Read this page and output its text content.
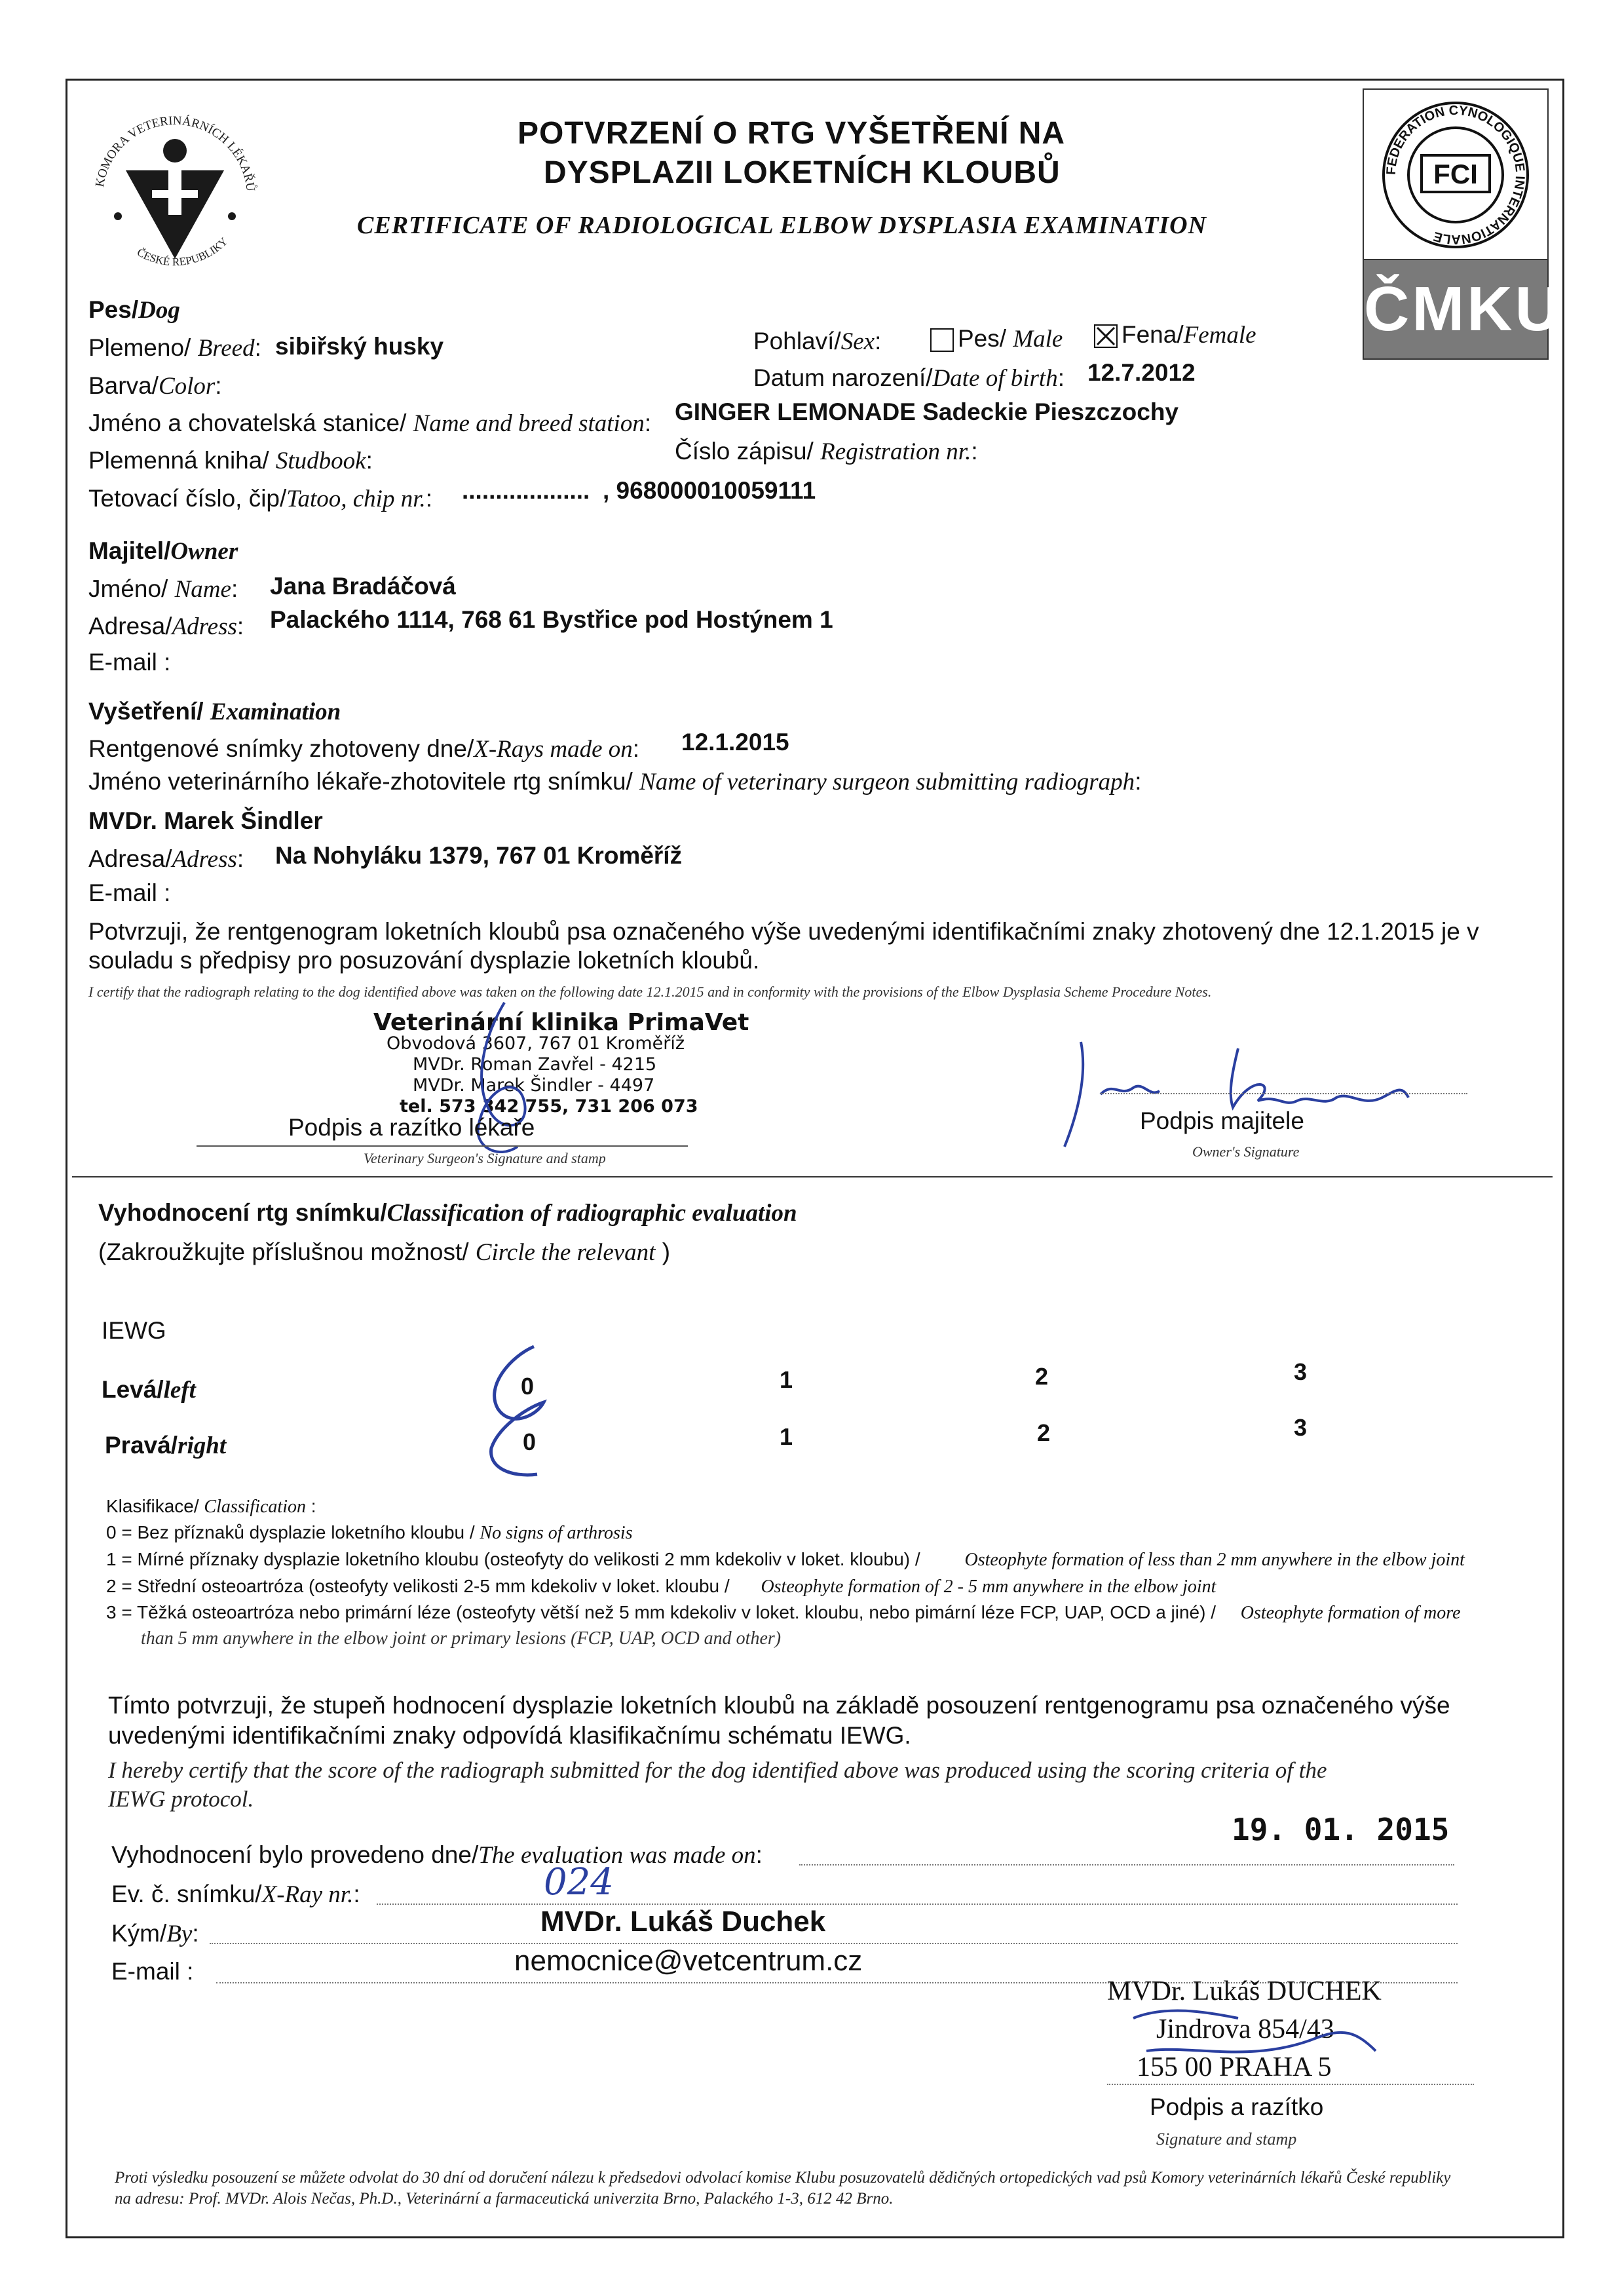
KOMORA VETERINÁRNÍCH LÉKAŘŮ
ČESKÉ REPUBLIKY
FEDERATION CYNOLOGIQUE INTERNATIONALE
FCI
ČMKU
POTVRZENÍ O RTG VYŠETŘENÍ NA
DYSPLAZII LOKETNÍCH KLOUBŮ
CERTIFICATE OF RADIOLOGICAL ELBOW DYSPLASIA EXAMINATION
Pes/Dog
Plemeno/ Breed: sibiřský husky
Barva/Color:
Jméno a chovatelská stanice/ Name and breed station: GINGER LEMONADE Sadeckie Pieszczochy
Plemenná kniha/ Studbook:
Tetovací číslo, čip/Tatoo, chip nr.: ................... , 968000010059111
Pohlaví/Sex:	Pes/ Male	Fena/Female
Datum narození/Date of birth: 12.7.2012
Číslo zápisu/ Registration nr.:
Majitel/Owner
Jméno/ Name: Jana Bradáčová
Adresa/Adress: Palackého 1114, 768 61 Bystřice pod Hostýnem 1
E-mail :
Vyšetření/ Examination
Rentgenové snímky zhotoveny dne/X-Rays made on: 12.1.2015
Jméno veterinárního lékaře-zhotovitele rtg snímku/ Name of veterinary surgeon submitting radiograph:
MVDr. Marek Šindler
Adresa/Adress: Na Nohyláku 1379, 767 01 Kroměříž
E-mail :
Potvrzuji, že rentgenogram loketních kloubů psa označeného výše uvedenými identifikačními znaky zhotovený dne 12.1.2015 je v souladu s předpisy pro posuzování dysplazie loketních kloubů.
I certify that the radiograph relating to the dog identified above was taken on the following date 12.1.2015 and in conformity with the provisions of the Elbow Dysplasia Scheme Procedure Notes.
Veterinární klinika PrimaVet
Obvodová 3607, 767 01 Kroměříž
MVDr. Roman Zavřel - 4215
MVDr. Marek Šindler - 4497
tel. 573 342 755, 731 206 073
Podpis a razítko lékaře
Veterinary Surgeon's Signature and stamp
Podpis majitele
Owner's Signature
Vyhodnocení rtg snímku/Classification of radiographic evaluation
(Zakroužkujte příslušnou možnost/ Circle the relevant )
IEWG
Levá/left
Pravá/right
0	1	2	3
0	1	2	3
Klasifikace/ Classification :
0 = Bez příznaků dysplazie loketního kloubu / No signs of arthrosis
1 = Mírné příznaky dysplazie loketního kloubu (osteofyty do velikosti 2 mm kdekoliv v loket. kloubu) / Osteophyte formation of less than 2 mm anywhere in the elbow joint
2 = Střední osteoartróza (osteofyty velikosti 2-5 mm kdekoliv v loket. kloubu / Osteophyte formation of 2 - 5 mm anywhere in the elbow joint
3 = Těžká osteoartróza nebo primární léze (osteofyty větší než 5 mm kdekoliv v loket. kloubu, nebo pimární léze FCP, UAP, OCD a jiné) / Osteophyte formation of more
than 5 mm anywhere in the elbow joint or primary lesions (FCP, UAP, OCD and other)
Tímto potvrzuji, že stupeň hodnocení dysplazie loketních kloubů na základě posouzení rentgenogramu psa označeného výše uvedenými identifikačními znaky odpovídá klasifikačnímu schématu IEWG.
I hereby certify that the score of the radiograph submitted for the dog identified above was produced using the scoring criteria of the IEWG protocol.
Vyhodnocení bylo provedeno dne/The evaluation was made on:
19. 01. 2015
Ev. č. snímku/X-Ray nr.:	024
Kým/By:	MVDr. Lukáš Duchek
E-mail :	nemocnice@vetcentrum.cz
MVDr. Lukáš DUCHEK
Jindrova 854/43
155 00 PRAHA 5
Podpis a razítko
Signature and stamp
Proti výsledku posouzení se můžete odvolat do 30 dní od doručení nálezu k předsedovi odvolací komise Klubu posuzovatelů dědičných ortopedických vad psů Komory veterinárních lékařů České republiky na adresu: Prof. MVDr. Alois Nečas, Ph.D., Veterinární a farmaceutická univerzita Brno, Palackého 1-3, 612 42 Brno.
